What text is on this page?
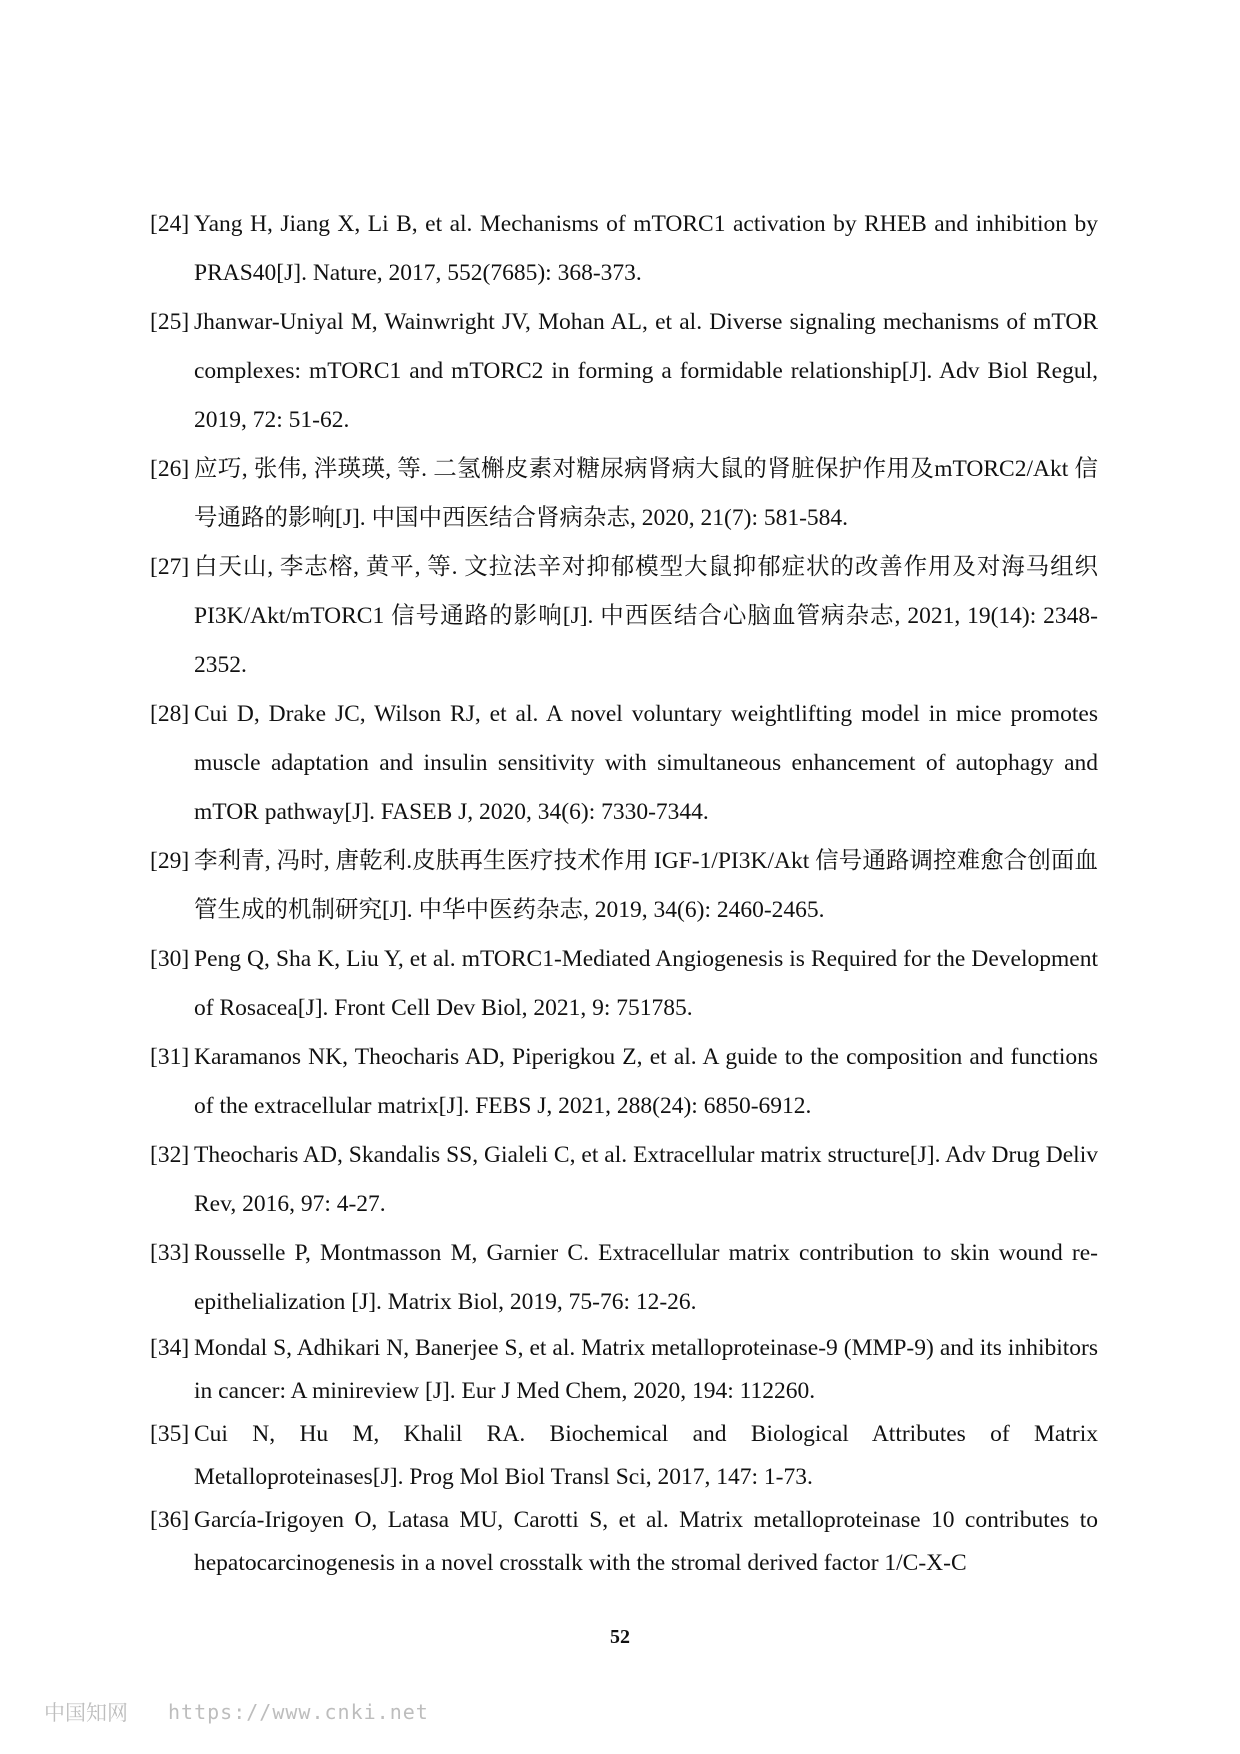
[24] Yang H, Jiang X, Li B, et al. Mechanisms of mTORC1 activation by RHEB and inhibition by PRAS40[J]. Nature, 2017, 552(7685): 368-373.
[25] Jhanwar-Uniyal M, Wainwright JV, Mohan AL, et al. Diverse signaling mechanisms of mTOR complexes: mTORC1 and mTORC2 in forming a formidable relationship[J]. Adv Biol Regul, 2019, 72: 51-62.
[26] 应巧, 张伟, 泮瑛瑛, 等. 二氢槲皮素对糖尿病肾病大鼠的肾脏保护作用及mTORC2/Akt 信号通路的影响[J]. 中国中西医结合肾病杂志, 2020, 21(7): 581-584.
[27] 白天山, 李志榕, 黄平, 等. 文拉法辛对抑郁模型大鼠抑郁症状的改善作用及对海马组织 PI3K/Akt/mTORC1 信号通路的影响[J]. 中西医结合心脑血管病杂志, 2021, 19(14): 2348-2352.
[28] Cui D, Drake JC, Wilson RJ, et al. A novel voluntary weightlifting model in mice promotes muscle adaptation and insulin sensitivity with simultaneous enhancement of autophagy and mTOR pathway[J]. FASEB J, 2020, 34(6): 7330-7344.
[29] 李利青, 冯时, 唐乾利.皮肤再生医疗技术作用 IGF-1/PI3K/Akt 信号通路调控难愈合创面血管生成的机制研究[J]. 中华中医药杂志, 2019, 34(6): 2460-2465.
[30] Peng Q, Sha K, Liu Y, et al. mTORC1-Mediated Angiogenesis is Required for the Development of Rosacea[J]. Front Cell Dev Biol, 2021, 9: 751785.
[31] Karamanos NK, Theocharis AD, Piperigkou Z, et al. A guide to the composition and functions of the extracellular matrix[J]. FEBS J, 2021, 288(24): 6850-6912.
[32] Theocharis AD, Skandalis SS, Gialeli C, et al. Extracellular matrix structure[J]. Adv Drug Deliv Rev, 2016, 97: 4-27.
[33] Rousselle P, Montmasson M, Garnier C. Extracellular matrix contribution to skin wound re-epithelialization [J]. Matrix Biol, 2019, 75-76: 12-26.
[34] Mondal S, Adhikari N, Banerjee S, et al. Matrix metalloproteinase-9 (MMP-9) and its inhibitors in cancer: A minireview [J]. Eur J Med Chem, 2020, 194: 112260.
[35] Cui N, Hu M, Khalil RA. Biochemical and Biological Attributes of Matrix Metalloproteinases[J]. Prog Mol Biol Transl Sci, 2017, 147: 1-73.
[36] García-Irigoyen O, Latasa MU, Carotti S, et al. Matrix metalloproteinase 10 contributes to hepatocarcinogenesis in a novel crosstalk with the stromal derived factor 1/C-X-C
52
中国知网 https://www.cnki.net
